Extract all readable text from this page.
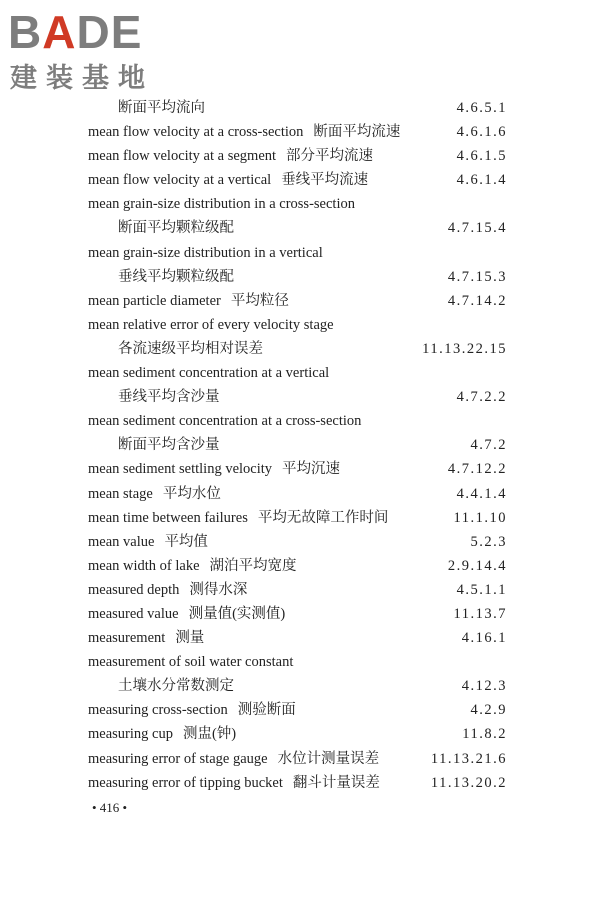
BADE
建装基地
断面平均流向	4.6.5.1
mean flow velocity at a cross-section 断面平均流速	4.6.1.6
mean flow velocity at a segment 部分平均流速	4.6.1.5
mean flow velocity at a vertical 垂线平均流速	4.6.1.4
mean grain-size distribution in a cross-section
断面平均颗粒级配	4.7.15.4
mean grain-size distribution in a vertical
垂线平均颗粒级配	4.7.15.3
mean particle diameter 平均粒径	4.7.14.2
mean relative error of every velocity stage
各流速级平均相对误差	11.13.22.15
mean sediment concentration at a vertical
垂线平均含沙量	4.7.2.2
mean sediment concentration at a cross-section
断面平均含沙量	4.7.2
mean sediment settling velocity 平均沉速	4.7.12.2
mean stage 平均水位	4.4.1.4
mean time between failures 平均无故障工作时间	11.1.10
mean value 平均值	5.2.3
mean width of lake 湖泊平均宽度	2.9.14.4
measured depth 测得水深	4.5.1.1
measured value 测量值(实测值)	11.13.7
measurement 测量	4.16.1
measurement of soil water constant
土壤水分常数测定	4.12.3
measuring cross-section 测验断面	4.2.9
measuring cup 测盅(钟)	11.8.2
measuring error of stage gauge 水位计测量误差	11.13.21.6
measuring error of tipping bucket 翻斗计量误差	11.13.20.2
• 416 •
